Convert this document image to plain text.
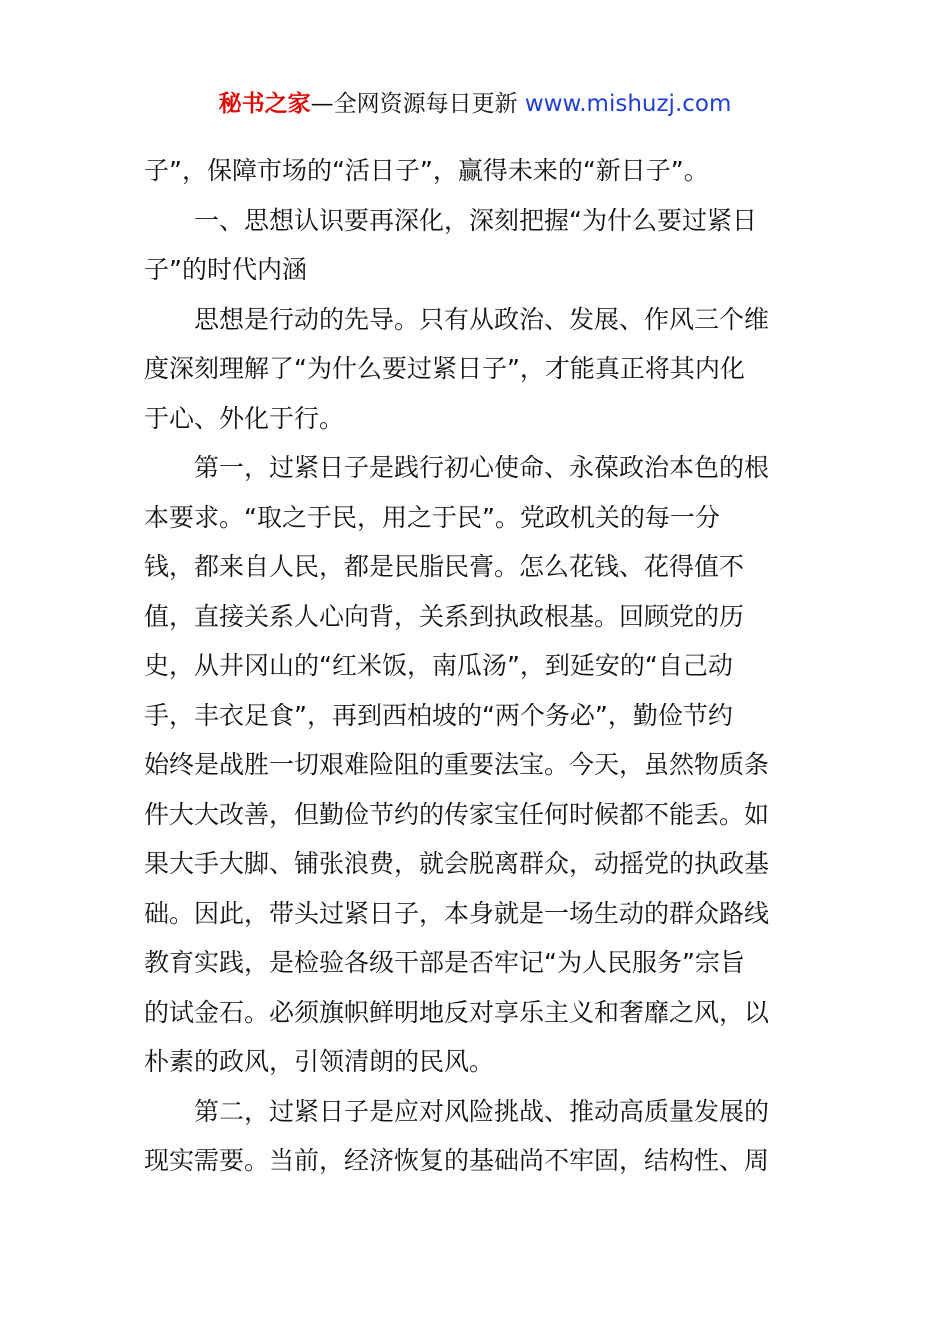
秘书之家—全网资源每日更新 www.mishuzj.com
子”，保障市场的“活日子”，赢得未来的“新日子”。
一、思想认识要再深化，深刻把握“为什么要过紧日
子”的时代内涵
思想是行动的先导。只有从政治、发展、作风三个维
度深刻理解了“为什么要过紧日子”，才能真正将其内化
于心、外化于行。
第一，过紧日子是践行初心使命、永葆政治本色的根
本要求。“取之于民，用之于民”。党政机关的每一分
钱，都来自人民，都是民脂民膏。怎么花钱、花得值不
值，直接关系人心向背，关系到执政根基。回顾党的历
史，从井冈山的“红米饭，南瓜汤”，到延安的“自己动
手，丰衣足食”，再到西柏坡的“两个务必”，勤俭节约
始终是战胜一切艰难险阻的重要法宝。今天，虽然物质条
件大大改善，但勤俭节约的传家宝任何时候都不能丢。如
果大手大脚、铺张浪费，就会脱离群众，动摇党的执政基
础。因此，带头过紧日子，本身就是一场生动的群众路线
教育实践，是检验各级干部是否牢记“为人民服务”宗旨
的试金石。必须旗帜鲜明地反对享乐主义和奢靡之风，以
朴素的政风，引领清朗的民风。
第二，过紧日子是应对风险挑战、推动高质量发展的
现实需要。当前，经济恢复的基础尚不牢固，结构性、周
